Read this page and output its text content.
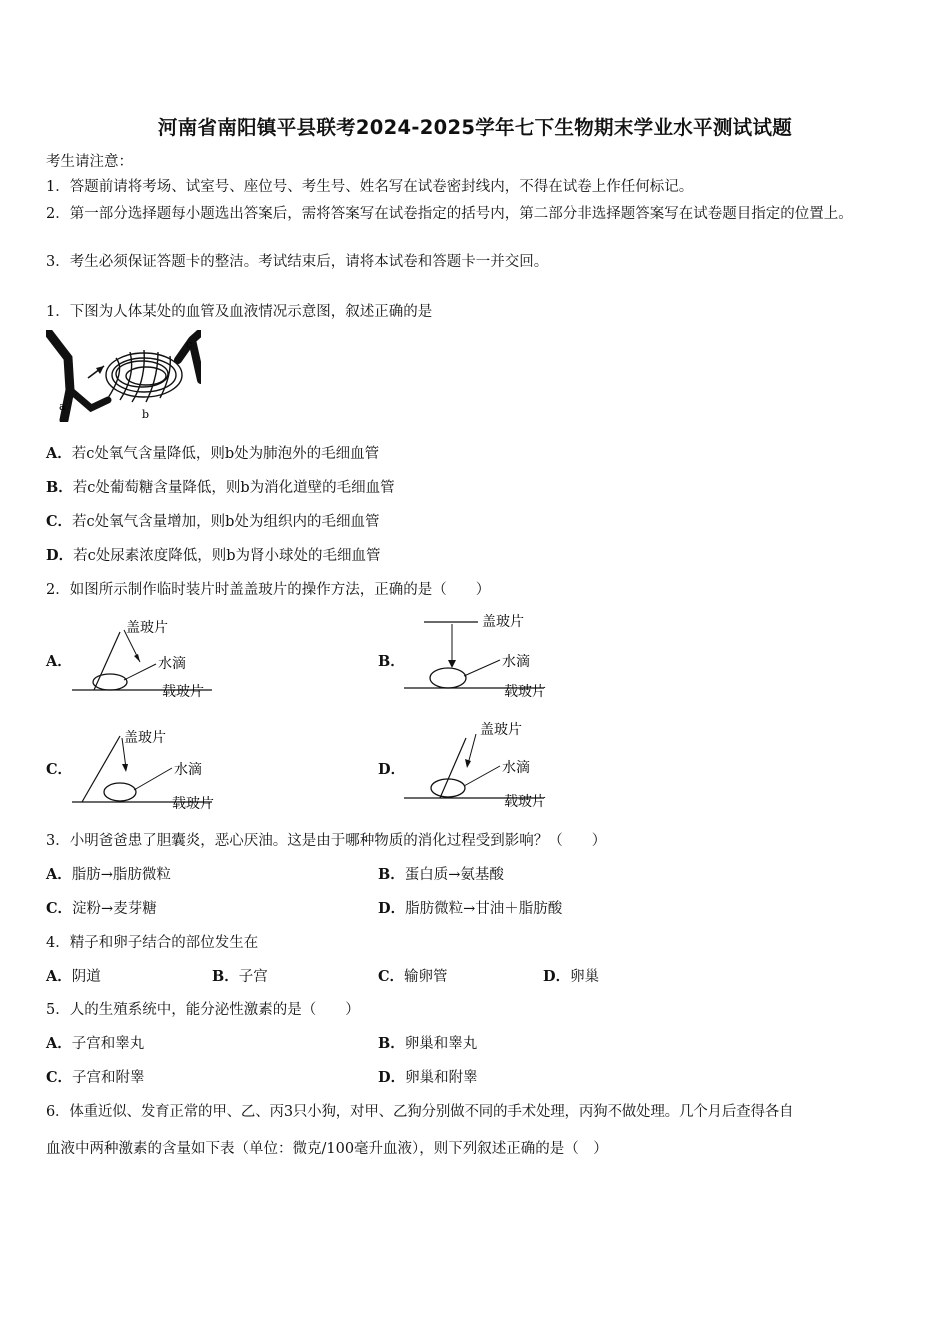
河南省南阳镇平县联考2024-2025学年七下生物期末学业水平测试试题
考生请注意：
1．答题前请将考场、试室号、座位号、考生号、姓名写在试卷密封线内，不得在试卷上作任何标记。
2．第一部分选择题每小题选出答案后，需将答案写在试卷指定的括号内，第二部分非选择题答案写在试卷题目指定的位置上。
3．考生必须保证答题卡的整洁。考试结束后，请将本试卷和答题卡一并交回。
1．下图为人体某处的血管及血液情况示意图，叙述正确的是
a
b
c
A．若c处氧气含量降低，则b处为肺泡外的毛细血管
B．若c处葡萄糖含量降低，则b为消化道壁的毛细血管
C．若c处氧气含量增加，则b处为组织内的毛细血管
D．若c处尿素浓度降低，则b为肾小球处的毛细血管
2．如图所示制作临时装片时盖盖玻片的操作方法，正确的是（　　）
A．
盖玻片
水滴
载玻片
B．
盖玻片
水滴
载玻片
C．
盖玻片
水滴
载玻片
D．
盖玻片
水滴
载玻片
3．小明爸爸患了胆囊炎，恶心厌油。这是由于哪种物质的消化过程受到影响？（　　）
A．脂肪→脂肪微粒	B．蛋白质→氨基酸
C．淀粉→麦芽糖	D．脂肪微粒→甘油＋脂肪酸
4．精子和卵子结合的部位发生在
A．阴道	B．子宫	C．输卵管	D．卵巢
5．人的生殖系统中，能分泌性激素的是（　　）
A．子宫和睾丸	B．卵巢和睾丸
C．子宫和附睾	D．卵巢和附睾
6．体重近似、发育正常的甲、乙、丙3只小狗，对甲、乙狗分别做不同的手术处理，丙狗不做处理。几个月后查得各自
血液中两种激素的含量如下表（单位：微克/100毫升血液），则下列叙述正确的是（　）
